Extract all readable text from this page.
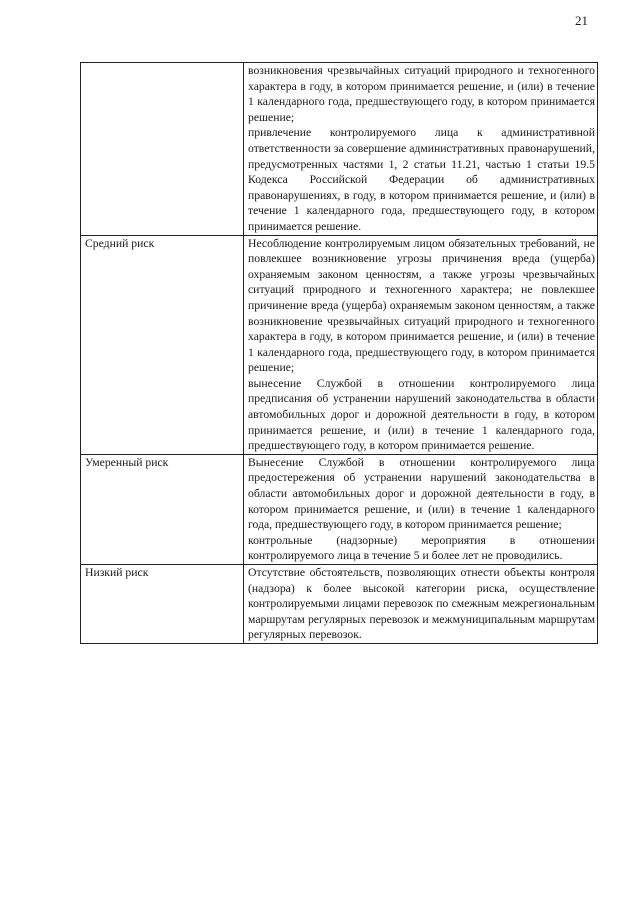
21

	возникновения чрезвычайных ситуаций природного и техногенного характера в году, в котором принимается решение, и (или) в течение 1 календарного года, предшествующего году, в котором принимается решение;

привлечение контролируемого лица к административной ответственности за совершение административных правонарушений, предусмотренных частями 1, 2 статьи 11.21, частью 1 статьи 19.5 Кодекса Российской Федерации об административных правонарушениях, в году, в котором принимается решение, и (или) в течение 1 календарного года, предшествующего году, в котором принимается решение.

Средний риск	Несоблюдение контролируемым лицом обязательных требований, не повлекшее возникновение угрозы причинения вреда (ущерба) охраняемым законом ценностям, а также угрозы чрезвычайных ситуаций природного и техногенного характера; не повлекшее причинение вреда (ущерба) охраняемым законом ценностям, а также возникновение чрезвычайных ситуаций природного и техногенного характера в году, в котором принимается решение, и (или) в течение 1 календарного года, предшествующего году, в котором принимается решение;

вынесение Службой в отношении контролируемого лица предписания об устранении нарушений законодательства в области автомобильных дорог и дорожной деятельности в году, в котором принимается решение, и (или) в течение 1 календарного года, предшествующего году, в котором принимается решение.

Умеренный риск	Вынесение Службой в отношении контролируемого лица предостережения об устранении нарушений законодательства в области автомобильных дорог и дорожной деятельности в году, в котором принимается решение, и (или) в течение 1 календарного года, предшествующего году, в котором принимается решение;

контрольные (надзорные) мероприятия в отношении контролируемого лица в течение 5 и более лет не проводились.

Низкий риск	Отсутствие обстоятельств, позволяющих отнести объекты контроля (надзора) к более высокой категории риска, осуществление контролируемыми лицами перевозок по смежным межрегиональным маршрутам регулярных перевозок и межмуниципальным маршрутам регулярных перевозок.
